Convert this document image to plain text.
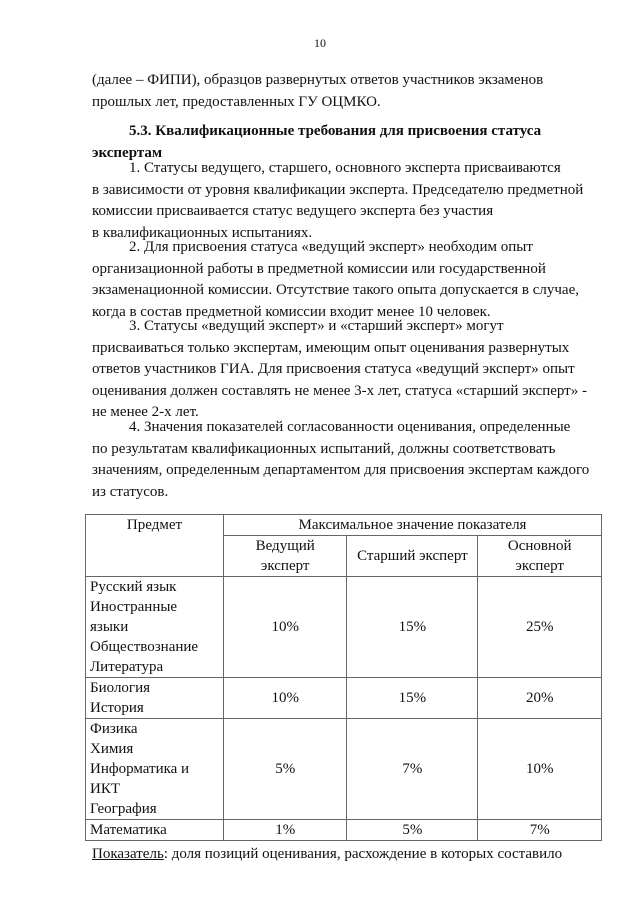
10

(далее – ФИПИ), образцов развернутых ответов участников экзаменов
прошлых лет, предоставленных ГУ ОЦМКО.

5.3. Квалификационные требования для присвоения статуса
экспертам

1. Статусы ведущего, старшего, основного эксперта присваиваются
в зависимости от уровня квалификации эксперта. Председателю предметной
комиссии присваивается статус ведущего эксперта без участия
в квалификационных испытаниях.

2. Для присвоения статуса «ведущий эксперт» необходим опыт
организационной работы в предметной комиссии или государственной
экзаменационной комиссии. Отсутствие такого опыта допускается в случае,
когда в состав предметной комиссии входит менее 10 человек.

3. Статусы «ведущий эксперт» и «старший эксперт» могут
присваиваться только экспертам, имеющим опыт оценивания развернутых
ответов участников ГИА. Для присвоения статуса «ведущий эксперт» опыт
оценивания должен составлять не менее 3-х лет, статуса «старший эксперт» -
не менее 2-х лет.

4. Значения показателей согласованности оценивания, определенные
по результатам квалификационных испытаний, должны соответствовать
значениям, определенным департаментом для присвоения экспертам каждого
из статусов.

Предмет	Максимальное значение показателя		

	Ведущий
эксперт	Старший эксперт	Основной
эксперт

Русский язык
Иностранные
языки
Обществознание
Литература	10%	15%	25%

Биология
История	10%	15%	20%

Физика
Химия
Информатика и
ИКТ
География	5%	7%	10%

Математика	1%	5%	7%

Показатель: доля позиций оценивания, расхождение в которых составило
